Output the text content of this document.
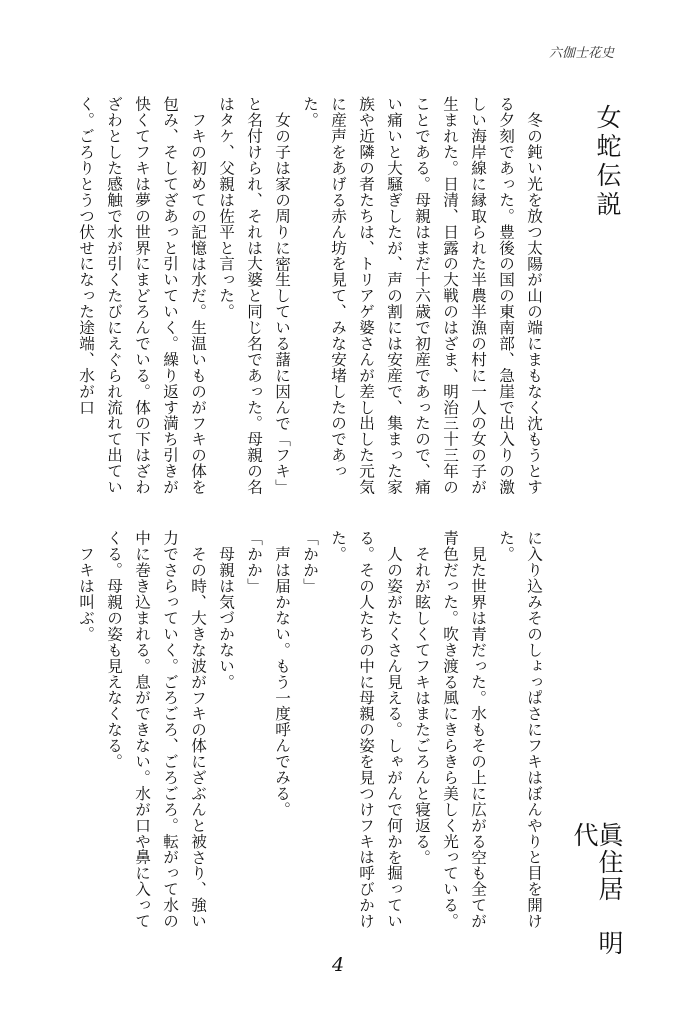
六伽士花史
女蛇伝説

冬の鈍い光を放つ太陽が山の端にまもなく沈もうとする夕刻であった。豊後の国の東南部、急崖で出入りの激しい海岸線に縁取られた半農半漁の村に一人の女の子が生まれた。日清、日露の大戦のはざま、明治三十三年のことである。母親はまだ十六歳で初産であったので、痛い痛いと大騒ぎしたが、声の割には安産で、集まった家族や近隣の者たちは、トリアゲ婆さんが差し出した元気に産声をあげる赤ん坊を見て、みな安堵したのであった。

女の子は家の周りに密生している藷に因んで「フキ」と名付けられ、それは大婆と同じ名であった。母親の名はタケ、父親は佐平と言った。

フキの初めての記憶は水だ。生温いものがフキの体を包み、そしてざあっと引いていく。繰り返す満ち引きが快くてフキは夢の世界にまどろんでいる。体の下はざわざわとした感触で水が引くたびにえぐられ流れて出ていく。ごろりとうつ伏せになった途端、水が口

眞住居　明代

に入り込みそのしょっぱさにフキはぼんやりと目を開けた。

見た世界は青だった。水もその上に広がる空も全てが青色だった。吹き渡る風にきらきら美しく光っている。

それが眩しくてフキはまたごろんと寝返る。

人の姿がたくさん見える。しゃがんで何かを掘っている。その人たちの中に母親の姿を見つけフキは呼びかけた。

「かか」

声は届かない。もう一度呼んでみる。

「かか」

母親は気づかない。

その時、大きな波がフキの体にざぶんと被さり、強い力でさらっていく。ごろごろ、ごろごろ。転がって水の中に巻き込まれる。息ができない。水が口や鼻に入ってくる。母親の姿も見えなくなる。

フキは叫ぶ。

4
